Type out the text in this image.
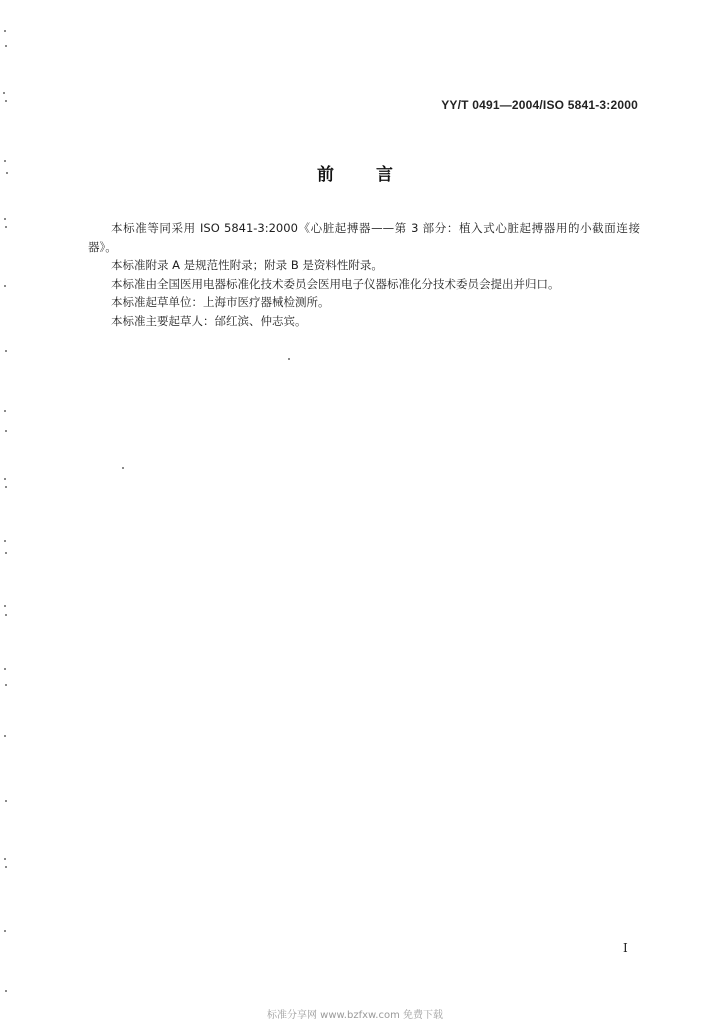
YY/T 0491—2004/ISO 5841-3:2000
前言

本标准等同采用 ISO 5841-3:2000《心脏起搏器——第 3 部分：植入式心脏起搏器用的小截面连接器》。

本标准附录 A 是规范性附录；附录 B 是资料性附录。

本标准由全国医用电器标准化技术委员会医用电子仪器标准化分技术委员会提出并归口。

本标准起草单位：上海市医疗器械检测所。

本标准主要起草人：邰红滨、仲志宾。

I
标准分享网 www.bzfxw.com 免费下载
